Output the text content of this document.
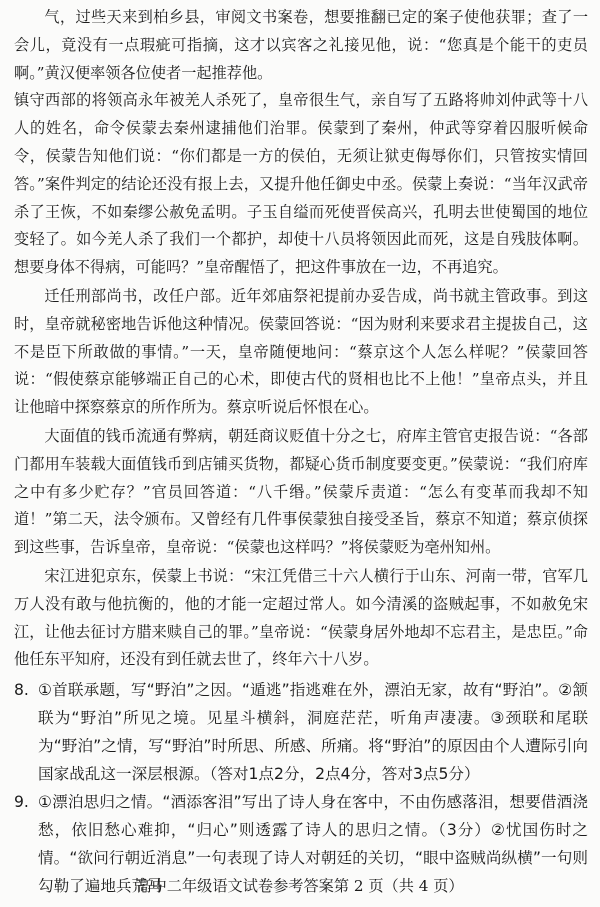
气，过些天来到柏乡县，审阅文书案卷，想要推翻已定的案子使他获罪；查了一会儿，竟没有一点瑕疵可指摘，这才以宾客之礼接见他，说：“您真是个能干的吏员啊。”黄汉便率领各位使者一起推荐他。

镇守西部的将领高永年被羌人杀死了，皇帝很生气，亲自写了五路将帅刘仲武等十八人的姓名，命令侯蒙去秦州逮捕他们治罪。侯蒙到了秦州，仲武等穿着囚服听候命令，侯蒙告知他们说：“你们都是一方的侯伯，无须让狱吏侮辱你们，只管按实情回答。”案件判定的结论还没有报上去，又提升他任御史中丞。侯蒙上奏说：“当年汉武帝杀了王恢，不如秦缪公赦免孟明。子玉自缢而死使晋侯高兴，孔明去世使蜀国的地位变轻了。如今羌人杀了我们一个都护，却使十八员将领因此而死，这是自残肢体啊。想要身体不得病，可能吗？”皇帝醒悟了，把这件事放在一边，不再追究。

迁任刑部尚书，改任户部。近年郊庙祭祀提前办妥告成，尚书就主管政事。到这时，皇帝就秘密地告诉他这种情况。侯蒙回答说：“因为财利来要求君主提拔自己，这不是臣下所敢做的事情。”一天，皇帝随便地问：“蔡京这个人怎么样呢？”侯蒙回答说：“假使蔡京能够端正自己的心术，即使古代的贤相也比不上他！”皇帝点头，并且让他暗中探察蔡京的所作所为。蔡京听说后怀恨在心。

大面值的钱币流通有弊病，朝廷商议贬值十分之七，府库主管官吏报告说：“各部门都用车装载大面值钱币到店铺买货物，都疑心货币制度要变更。”侯蒙说：“我们府库之中有多少贮存？”官员回答道：“八千缗。”侯蒙斥责道：“怎么有变革而我却不知道！”第二天，法令颁布。又曾经有几件事侯蒙独自接受圣旨，蔡京不知道；蔡京侦探到这些事，告诉皇帝，皇帝说：“侯蒙也这样吗？”将侯蒙贬为亳州知州。

宋江进犯京东，侯蒙上书说：“宋江凭借三十六人横行于山东、河南一带，官军几万人没有敢与他抗衡的，他的才能一定超过常人。如今清溪的盗贼起事，不如赦免宋江，让他去征讨方腊来赎自己的罪。”皇帝说：“侯蒙身居外地却不忘君主，是忠臣。”命他任东平知府，还没有到任就去世了，终年六十八岁。

8. ①首联承题，写“野泊”之因。“遁逃”指逃难在外，漂泊无家，故有“野泊”。②颔联为“野泊”所见之境。见星斗横斜，洞庭茫茫，听角声凄凄。③颈联和尾联为“野泊”之情，写“野泊”时所思、所感、所痛。将“野泊”的原因由个人遭际引向国家战乱这一深层根源。（答对1点2分，2点4分，答对3点5分）
9. ①漂泊思归之情。“酒添客泪”写出了诗人身在客中，不由伤感落泪，想要借酒浇愁，依旧愁心难抑，“归心”则透露了诗人的思归之情。（3分）②忧国伤时之情。“欲问行朝近消息”一句表现了诗人对朝廷的关切，“眼中盗贼尚纵横”一句则勾勒了遍地兵荒马
高中二年级语文试卷参考答案第 2 页（共 4 页）
